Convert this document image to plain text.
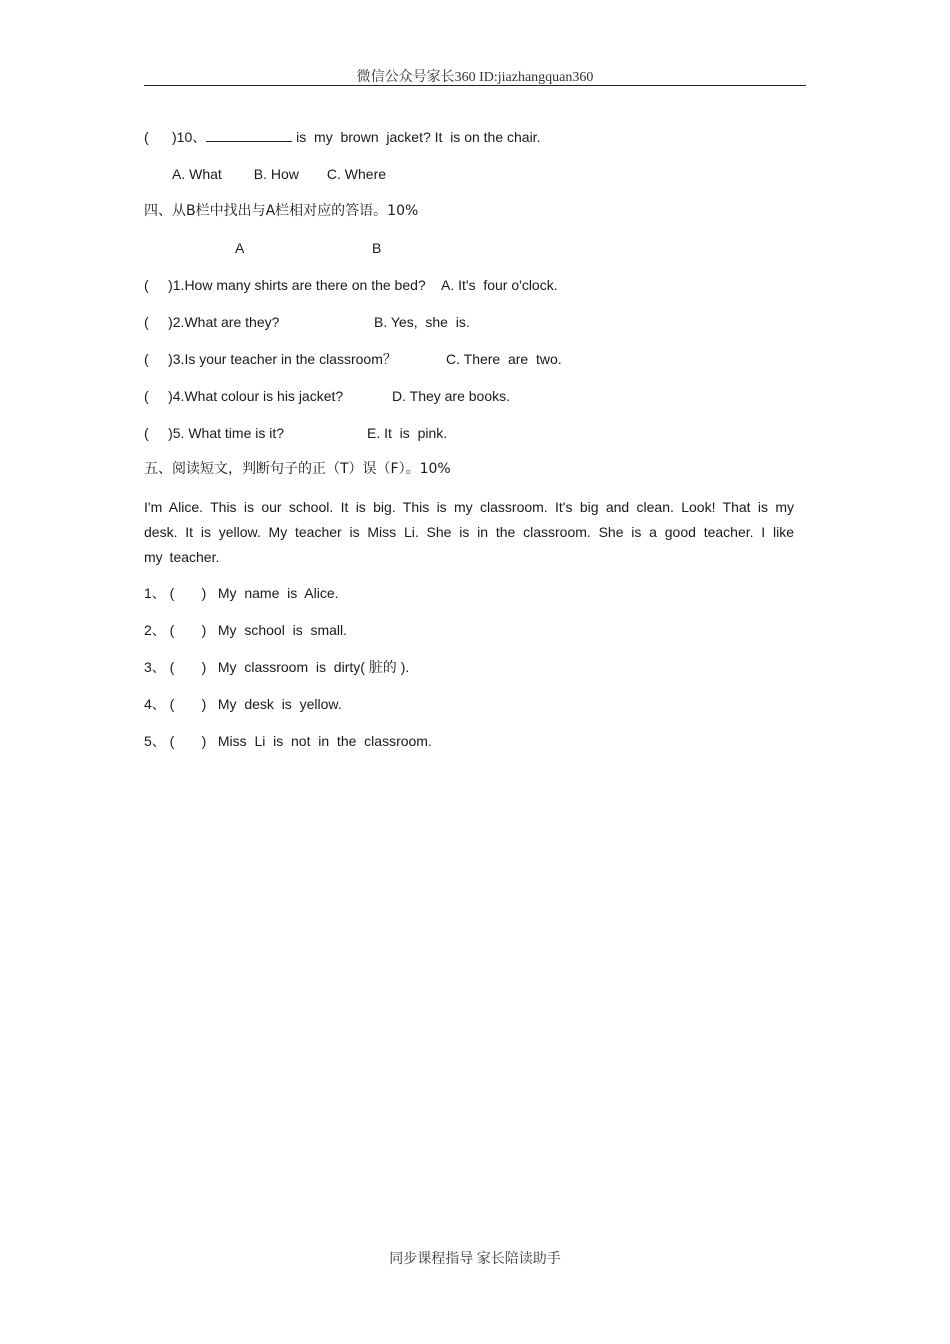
微信公众号家长360 ID:jiazhangquan360
(      )10、	is  my  brown  jacket? It  is on the chair.
A. What B. How C. Where
四、从B栏中找出与A栏相对应的答语。10%
A	B
(     )1.How many shirts are there on the bed? A. It's  four o'clock.
(     )2.What are they?	B. Yes,  she  is.
(     )3.Is your teacher in the classroom？	C. There  are  two.
(     )4.What colour is his jacket?	D. They are books.
(     )5. What time is it?	E. It  is  pink.
五、阅读短文，判断句子的正（T）误（F）。10%
I'm Alice. This is our school. It is big. This is my classroom. It's big and clean. Look! That is my desk. It is yellow. My teacher is Miss Li. She is in the classroom. She is a good teacher. I like my teacher.
1、 (       )   My  name  is  Alice.
2、 (       )   My  school  is  small.
3、 (       )   My  classroom  is  dirty( 脏的 ).
4、 (       )   My  desk  is  yellow.
5、 (       )   Miss  Li  is  not  in  the  classroom.
同步课程指导 家长陪读助手
